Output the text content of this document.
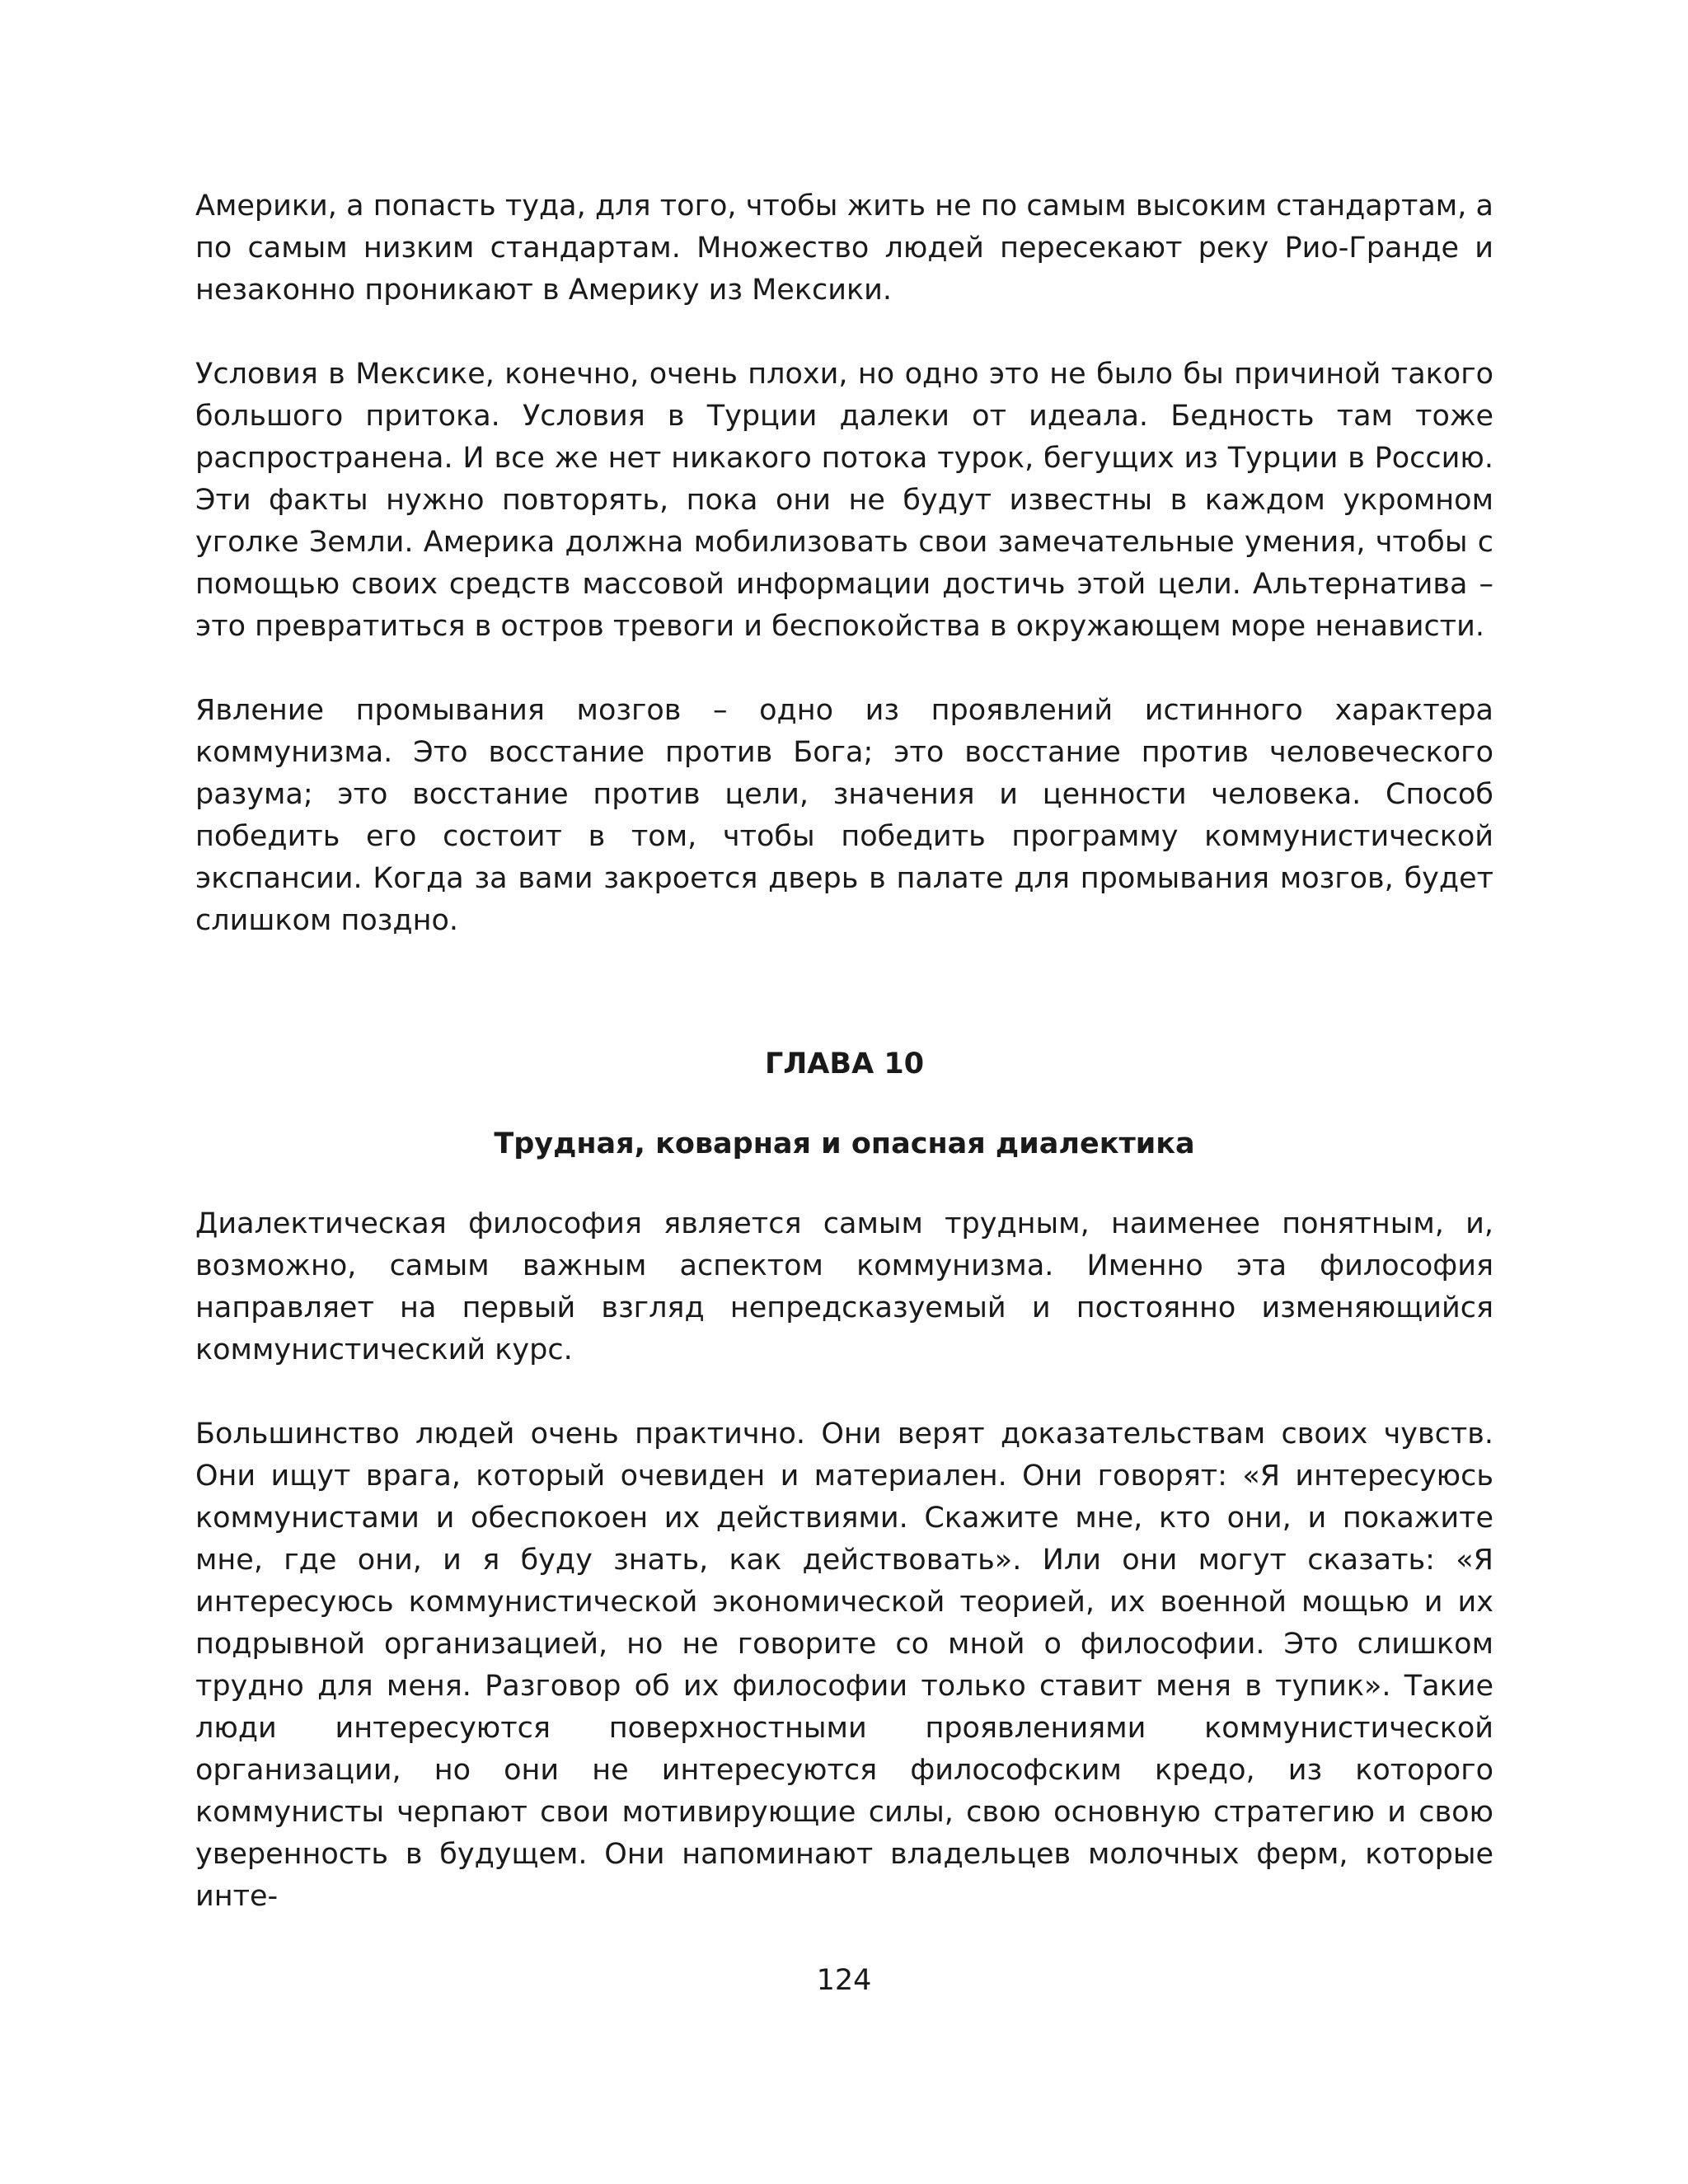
Америки, а попасть туда, для того, чтобы жить не по самым высоким стандартам, а по самым низким стандартам. Множество людей пересекают реку Рио-Гранде и незаконно проникают в Америку из Мексики.

Условия в Мексике, конечно, очень плохи, но одно это не было бы причиной такого большого притока. Условия в Турции далеки от идеала. Бедность там тоже распространена. И все же нет никакого потока турок, бегущих из Турции в Россию. Эти факты нужно повторять, пока они не будут известны в каждом укромном уголке Земли. Америка должна мобилизовать свои замечательные умения, чтобы с помощью своих средств массовой информации достичь этой цели. Альтернатива – это превратиться в остров тревоги и беспокойства в окружающем море ненависти.

Явление промывания мозгов – одно из проявлений истинного характера коммунизма. Это восстание против Бога; это восстание против человеческого разума; это восстание против цели, значения и ценности человека. Способ победить его состоит в том, чтобы победить программу коммунистической экспансии. Когда за вами закроется дверь в палате для промывания мозгов, будет слишком поздно.

ГЛАВА 10
Трудная, коварная и опасная диалектика

Диалектическая философия является самым трудным, наименее понятным, и, возможно, самым важным аспектом коммунизма. Именно эта философия направляет на первый взгляд непредсказуемый и постоянно изменяющийся коммунистический курс.

Большинство людей очень практично. Они верят доказательствам своих чувств. Они ищут врага, который очевиден и материален. Они говорят: «Я интересуюсь коммунистами и обеспокоен их действиями. Скажите мне, кто они, и покажите мне, где они, и я буду знать, как действовать». Или они могут сказать: «Я интересуюсь коммунистической экономической теорией, их военной мощью и их подрывной организацией, но не говорите со мной о философии. Это слишком трудно для меня. Разговор об их философии только ставит меня в тупик». Такие люди интересуются поверхностными проявлениями коммунистической организации, но они не интересуются философским кредо, из которого коммунисты черпают свои мотивирующие силы, свою основную стратегию и свою уверенность в будущем. Они напоминают владельцев молочных ферм, которые инте-

124
